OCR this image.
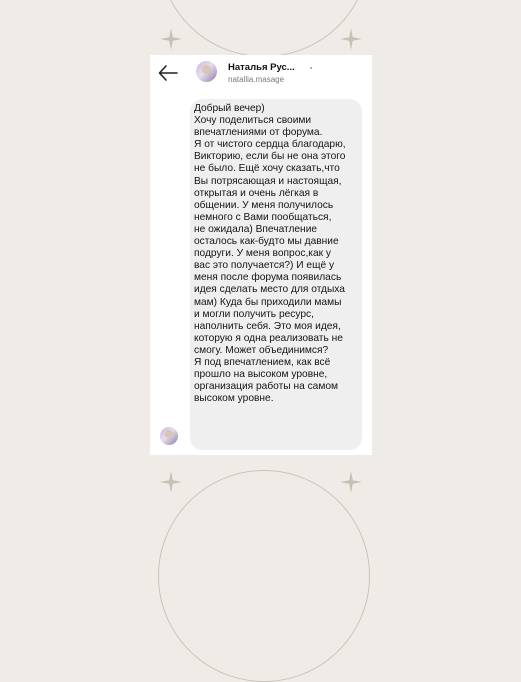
Наталья Рус...
natallia.masage

Добрый вечер)
Хочу поделиться своими
впечатлениями от форума.
Я от чистого сердца благодарю,
Викторию, если бы не она этого
не было. Ещё хочу сказать,что
Вы потрясающая и настоящая,
открытая и очень лёгкая в
общении. У меня получилось
немного с Вами пообщаться,
не ожидала) Впечатление
осталось как-будто мы давние
подруги. У меня вопрос,как у
вас это получается?) И ещё у
меня после форума появилась
идея сделать место для отдыха
мам) Куда бы приходили мамы
и могли получить ресурс,
наполнить себя. Это моя идея,
которую я одна реализовать не
смогу. Может объединимся?
Я под впечатлением, как всё
прошло на высоком уровне,
организация работы на самом
высоком уровне.
